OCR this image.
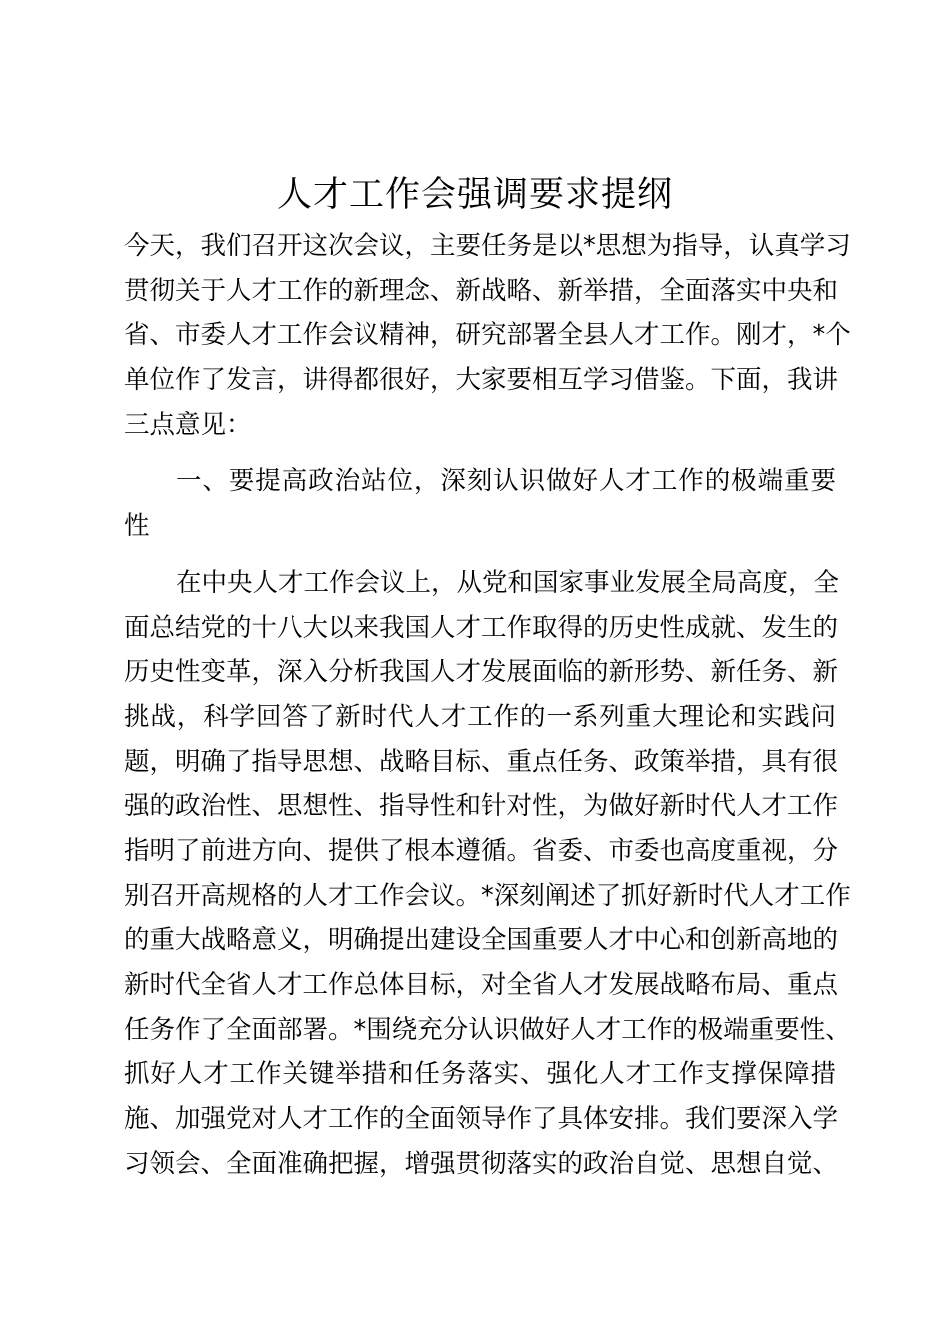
人才工作会强调要求提纲
今天，我们召开这次会议，主要任务是以*思想为指导，认真学习
贯彻关于人才工作的新理念、新战略、新举措，全面落实中央和
省、市委人才工作会议精神，研究部署全县人才工作。刚才，*个
单位作了发言，讲得都很好，大家要相互学习借鉴。下面，我讲
三点意见：
一、要提高政治站位，深刻认识做好人才工作的极端重要
性
在中央人才工作会议上，从党和国家事业发展全局高度，全
面总结党的十八大以来我国人才工作取得的历史性成就、发生的
历史性变革，深入分析我国人才发展面临的新形势、新任务、新
挑战，科学回答了新时代人才工作的一系列重大理论和实践问
题，明确了指导思想、战略目标、重点任务、政策举措，具有很
强的政治性、思想性、指导性和针对性，为做好新时代人才工作
指明了前进方向、提供了根本遵循。省委、市委也高度重视，分
别召开高规格的人才工作会议。*深刻阐述了抓好新时代人才工作
的重大战略意义，明确提出建设全国重要人才中心和创新高地的
新时代全省人才工作总体目标，对全省人才发展战略布局、重点
任务作了全面部署。*围绕充分认识做好人才工作的极端重要性、
抓好人才工作关键举措和任务落实、强化人才工作支撑保障措
施、加强党对人才工作的全面领导作了具体安排。我们要深入学
习领会、全面准确把握，增强贯彻落实的政治自觉、思想自觉、
